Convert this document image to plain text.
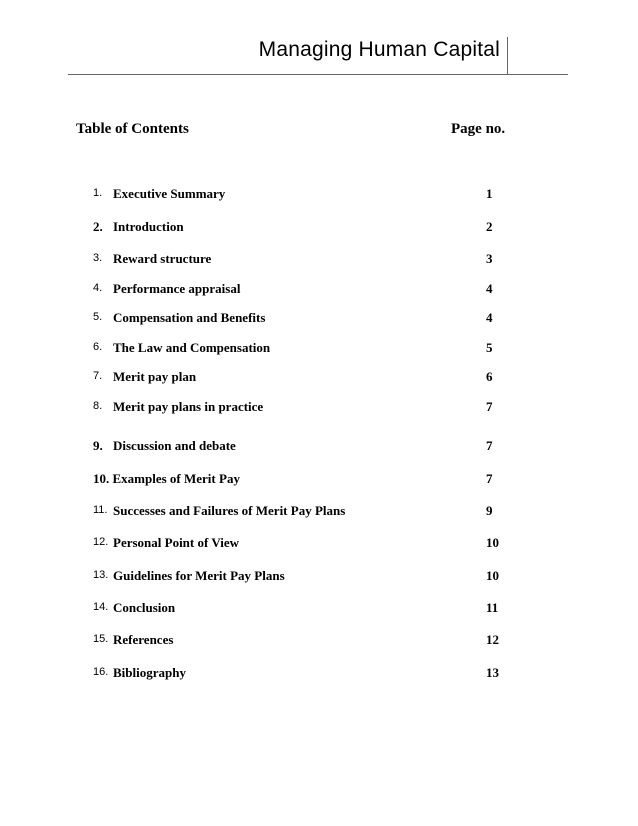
Managing Human Capital
Table of Contents	Page no.
1. Executive Summary	1
2. Introduction	2
3. Reward structure	3
4. Performance appraisal	4
5. Compensation and Benefits	4
6. The Law and Compensation	5
7. Merit pay plan	6
8. Merit pay plans in practice	7
9. Discussion and debate	7
10. Examples of Merit Pay	7
11. Successes and Failures of Merit Pay Plans	9
12. Personal Point of View	10
13. Guidelines for Merit Pay Plans	10
14. Conclusion	11
15. References	12
16. Bibliography	13
